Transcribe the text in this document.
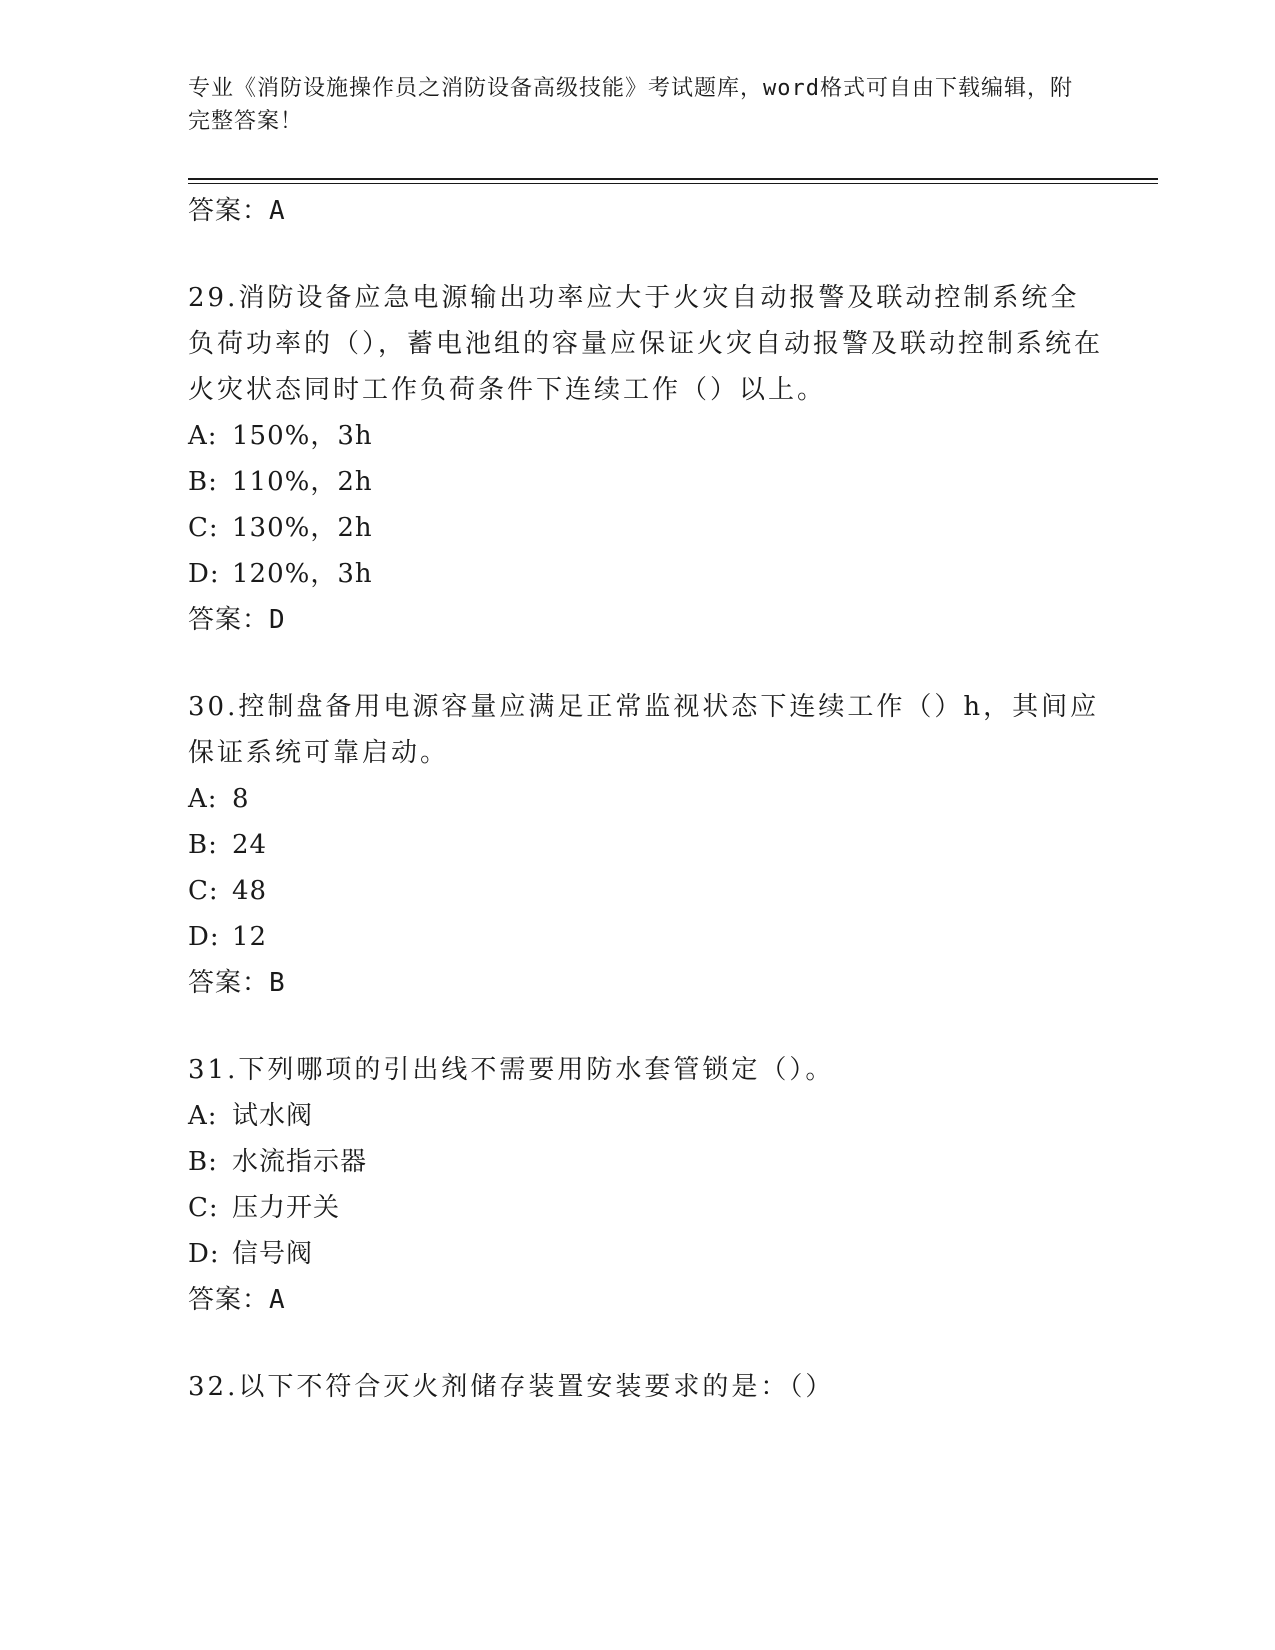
专业《消防设施操作员之消防设备高级技能》考试题库，word格式可自由下载编辑，附完整答案！
答案：A
29.消防设备应急电源输出功率应大于火灾自动报警及联动控制系统全负荷功率的（），蓄电池组的容量应保证火灾自动报警及联动控制系统在火灾状态同时工作负荷条件下连续工作（）以上。
A: 150%，3h
B: 110%，2h
C: 130%，2h
D: 120%，3h
答案：D
30.控制盘备用电源容量应满足正常监视状态下连续工作（）h，其间应保证系统可靠启动。
A: 8
B: 24
C: 48
D: 12
答案：B
31.下列哪项的引出线不需要用防水套管锁定（）。
A: 试水阀
B: 水流指示器
C: 压力开关
D: 信号阀
答案：A
32.以下不符合灭火剂储存装置安装要求的是：（）
